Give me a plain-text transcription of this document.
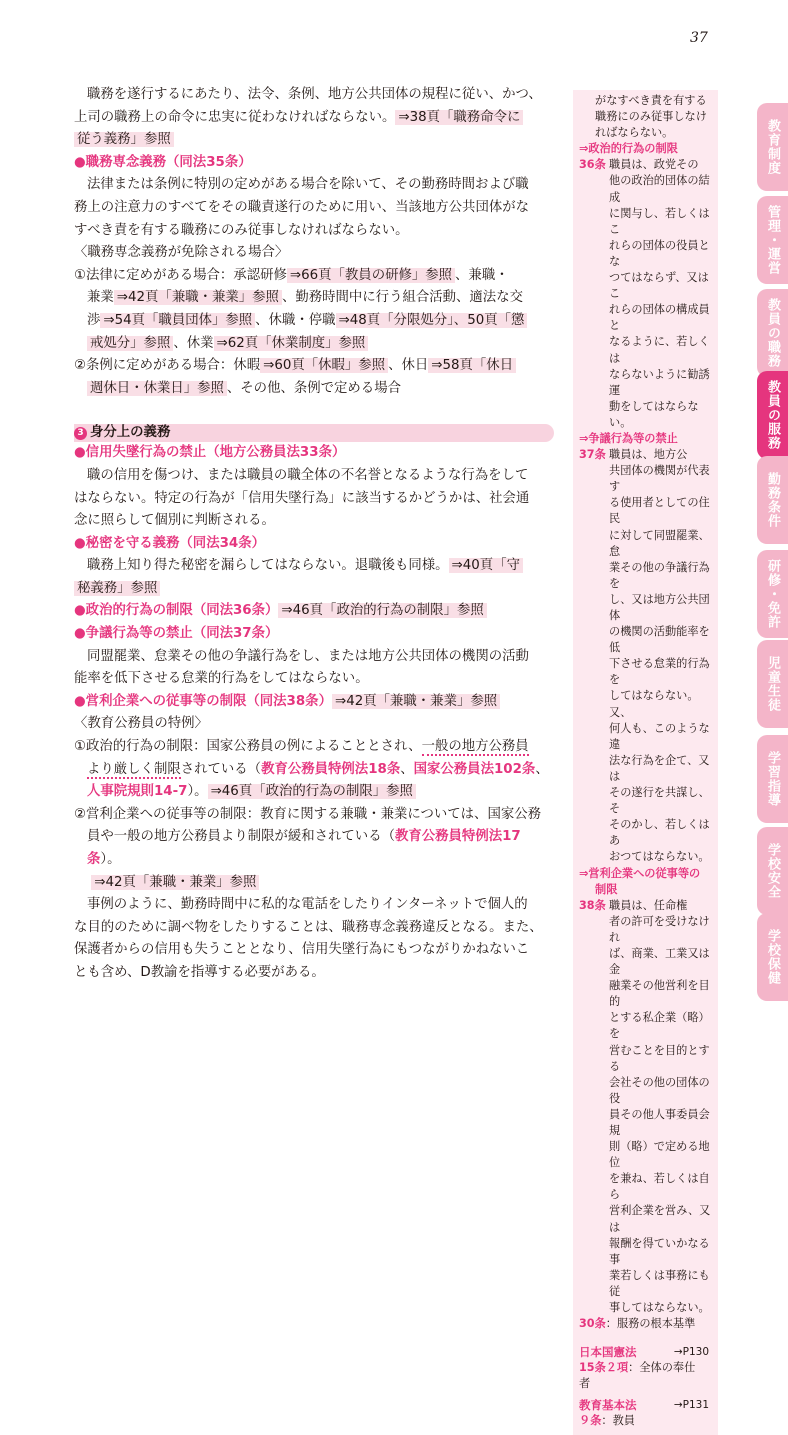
37
職務を遂行するにあたり、法令、条例、地方公共団体の規程に従い、かつ、
上司の職務上の命令に忠実に従わなければならない。 ⇒38頁「職務命令に
従う義務」参照
●職務専念義務（同法35条）
法律または条例に特別の定めがある場合を除いて、その勤務時間および職
務上の注意力のすべてをその職責遂行のために用い、当該地方公共団体がな
すべき責を有する職務にのみ従事しなければならない。
〈職務専念義務が免除される場合〉
①法律に定めがある場合：承認研修 ⇒66頁「教員の研修」参照 、兼職・
兼業 ⇒42頁「兼職・兼業」参照 、勤務時間中に行う組合活動、適法な交
渉 ⇒54頁「職員団体」参照 、休職・停職 ⇒48頁「分限処分」、50頁「懲
戒処分」参照 、休業 ⇒62頁「休業制度」参照
②条例に定めがある場合：休暇 ⇒60頁「休暇」参照 、休日 ⇒58頁「休日
週休日・休業日」参照 、その他、条例で定める場合
3 身分上の義務
●信用失墜行為の禁止（地方公務員法33条）
職の信用を傷つけ、または職員の職全体の不名誉となるような行為をして
はならない。特定の行為が「信用失墜行為」に該当するかどうかは、社会通
念に照らして個別に判断される。
●秘密を守る義務（同法34条）
職務上知り得た秘密を漏らしてはならない。退職後も同様。 ⇒40頁「守
秘義務」参照
●政治的行為の制限（同法36条） ⇒46頁「政治的行為の制限」参照
●争議行為等の禁止（同法37条）
同盟罷業、怠業その他の争議行為をし、または地方公共団体の機関の活動
能率を低下させる怠業的行為をしてはならない。
●営利企業への従事等の制限（同法38条） ⇒42頁「兼職・兼業」参照
〈教育公務員の特例〉
①政治的行為の制限：国家公務員の例によることとされ、一般の地方公務員
より厳しく制限されている（教育公務員特例法18条、国家公務員法102条、
人事院規則14-7）。 ⇒46頁「政治的行為の制限」参照
②営利企業への従事等の制限：教育に関する兼職・兼業については、国家公務
員や一般の地方公務員より制限が緩和されている（教育公務員特例法17条）。
⇒42頁「兼職・兼業」参照
事例のように、勤務時間中に私的な電話をしたりインターネットで個人的
な目的のために調べ物をしたりすることは、職務専念義務違反となる。また、
保護者からの信用も失うこととなり、信用失墜行為にもつながりかねないこ
とも含め、D教諭を指導する必要がある。
がなすべき責を有する
職務にのみ従事しなけ
ればならない。
⇒政治的行為の制限
36条 職員は、政党その
他の政治的団体の結成
に関与し、若しくはこ
れらの団体の役員とな
つてはならず、又はこ
れらの団体の構成員と
なるように、若しくは
ならないように勧誘運
動をしてはならない。
⇒争議行為等の禁止
37条 職員は、地方公
共団体の機関が代表す
る使用者としての住民
に対して同盟罷業、怠
業その他の争議行為を
し、又は地方公共団体
の機関の活動能率を低
下させる怠業的行為を
してはならない。又、
何人も、このような違
法な行為を企て、又は
その遂行を共謀し、そ
そのかし、若しくはあ
おつてはならない。
⇒営利企業への従事等の
制限
38条 職員は、任命権
者の許可を受けなけれ
ば、商業、工業又は金
融業その他営利を目的
とする私企業（略）を
営むことを目的とする
会社その他の団体の役
員その他人事委員会規
則（略）で定める地位
を兼ね、若しくは自ら
営利企業を営み、又は
報酬を得ていかなる事
業若しくは事務にも従
事してはならない。
30条：服務の根本基準
日本国憲法	→P130
15条２項：全体の奉仕
者
教育基本法	→P131
９条：教員
教育制度
管理・運営
教員の職務
教員の服務
勤務条件
研修・免許
児童生徒
学習指導
学校安全
学校保健
